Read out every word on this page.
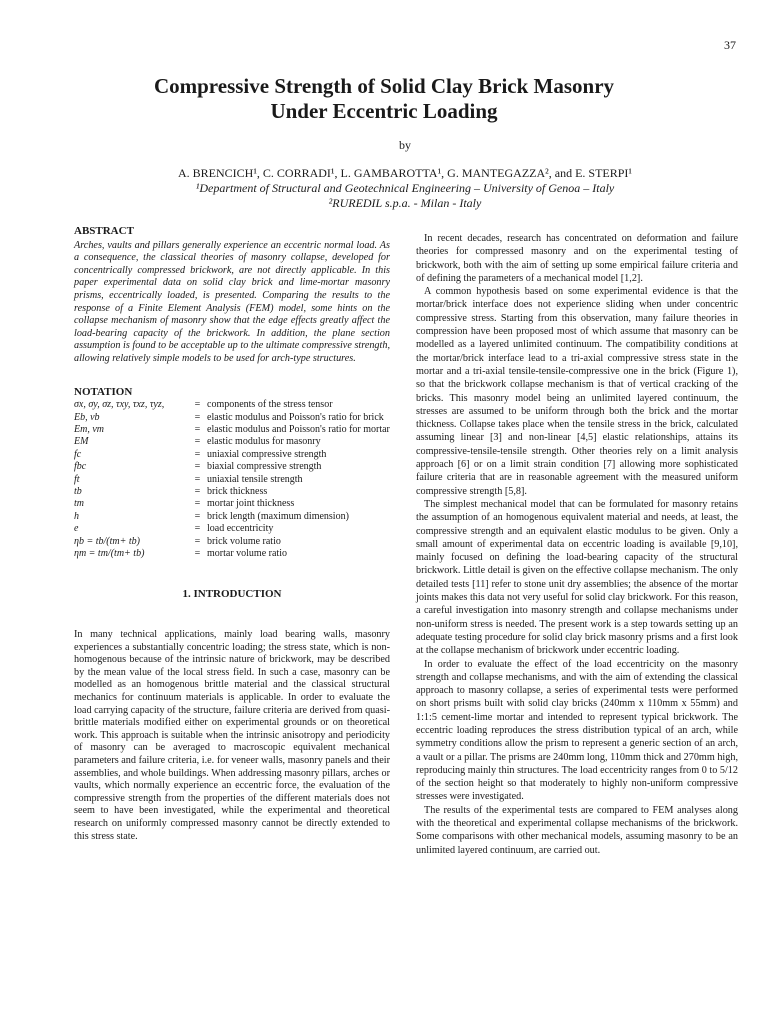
37
Compressive Strength of Solid Clay Brick Masonry
Under Eccentric Loading
by
A. BRENCICH¹, C. CORRADI¹, L. GAMBAROTTA¹, G. MANTEGAZZA², and E. STERPI¹
¹Department of Structural and Geotechnical Engineering – University of Genoa – Italy
²RUREDIL s.p.a. - Milan - Italy
ABSTRACT

Arches, vaults and pillars generally experience an eccentric normal load. As a consequence, the classical theories of masonry collapse, developed for concentrically compressed brickwork, are not directly applicable. In this paper experimental data on solid clay brick and lime-mortar masonry prisms, eccentrically loaded, is presented. Comparing the results to the response of a Finite Element Analysis (FEM) model, some hints on the collapse mechanism of masonry show that the edge effects greatly affect the load-bearing capacity of the brickwork. In addition, the plane section assumption is found to be acceptable up to the ultimate compressive strength, allowing relatively simple models to be used for arch-type structures.

NOTATION
σx, σy, σz, τxy, τxz, τyz,	=	components of the stress tensor
Eb, νb	=	elastic modulus and Poisson's ratio for brick
Em, νm	=	elastic modulus and Poisson's ratio for mortar
EM	=	elastic modulus for masonry
fc	=	uniaxial compressive strength
fbc	=	biaxial compressive strength
ft	=	uniaxial tensile strength
tb	=	brick thickness
tm	=	mortar joint thickness
h	=	brick length (maximum dimension)
e	=	load eccentricity
ηb = tb/(tm+ tb)	=	brick volume ratio
ηm = tm/(tm+ tb)	=	mortar volume ratio
1. INTRODUCTION

In many technical applications, mainly load bearing walls, masonry experiences a substantially concentric loading; the stress state, which is non-homogenous because of the intrinsic nature of brickwork, may be described by the mean value of the local stress field. In such a case, masonry can be modelled as an homogenous brittle material and the classical structural mechanics for continuum materials is applicable. In order to evaluate the load carrying capacity of the structure, failure criteria are derived from quasi-brittle materials modified either on experimental grounds or on theoretical work. This approach is suitable when the intrinsic anisotropy and periodicity of masonry can be averaged to macroscopic equivalent mechanical parameters and failure criteria, i.e. for veneer walls, masonry panels and their assemblies, and whole buildings. When addressing masonry pillars, arches or vaults, which normally experience an eccentric force, the evaluation of the compressive strength from the properties of the different materials does not seem to have been investigated, while the experimental and theoretical research on uniformly compressed masonry cannot be directly extended to this stress state.

In recent decades, research has concentrated on deformation and failure theories for compressed masonry and on the experimental testing of brickwork, both with the aim of setting up some empirical failure criteria and of defining the parameters of a mechanical model [1,2].

A common hypothesis based on some experimental evidence is that the mortar/brick interface does not experience sliding when under concentric compressive stress. Starting from this observation, many failure theories in compression have been proposed most of which assume that masonry can be modelled as a layered unlimited continuum. The compatibility conditions at the mortar/brick interface lead to a tri-axial compressive stress state in the mortar and a tri-axial tensile-tensile-compressive one in the brick (Figure 1), so that the brickwork collapse mechanism is that of vertical cracking of the bricks. This masonry model being an unlimited layered continuum, the stresses are assumed to be uniform through both the brick and the mortar thickness. Collapse takes place when the tensile stress in the brick, calculated assuming linear [3] and non-linear [4,5] elastic relationships, attains its compressive-tensile-tensile strength. Other theories rely on a limit analysis approach [6] or on a limit strain condition [7] allowing more sophisticated failure criteria that are in reasonable agreement with the measured uniform compressive strength [5,8].

The simplest mechanical model that can be formulated for masonry retains the assumption of an homogenous equivalent material and needs, at least, the compressive strength and an equivalent elastic modulus to be given. Only a small amount of experimental data on eccentric loading is available [9,10], mainly focused on defining the load-bearing capacity of the structural brickwork. Little detail is given on the effective collapse mechanism. The only detailed tests [11] refer to stone unit dry assemblies; the absence of the mortar joints makes this data not very useful for solid clay brickwork. For this reason, a careful investigation into masonry strength and collapse mechanisms under non-uniform stress is needed. The present work is a step towards setting up an adequate testing procedure for solid clay brick masonry prisms and a first look at the collapse mechanism of brickwork under eccentric loading.

In order to evaluate the effect of the load eccentricity on the masonry strength and collapse mechanisms, and with the aim of extending the classical approach to masonry collapse, a series of experimental tests were performed on short prisms built with solid clay bricks (240mm x 110mm x 55mm) and 1:1:5 cement-lime mortar and intended to represent typical brickwork. The eccentric loading reproduces the stress distribution typical of an arch, while symmetry conditions allow the prism to represent a generic section of an arch, a vault or a pillar. The prisms are 240mm long, 110mm thick and 270mm high, reproducing mainly thin structures. The load eccentricity ranges from 0 to 5/12 of the section height so that moderately to highly non-uniform compressive stresses were investigated.

The results of the experimental tests are compared to FEM analyses along with the theoretical and experimental collapse mechanisms of the brickwork. Some comparisons with other mechanical models, assuming masonry to be an unlimited layered continuum, are carried out.
